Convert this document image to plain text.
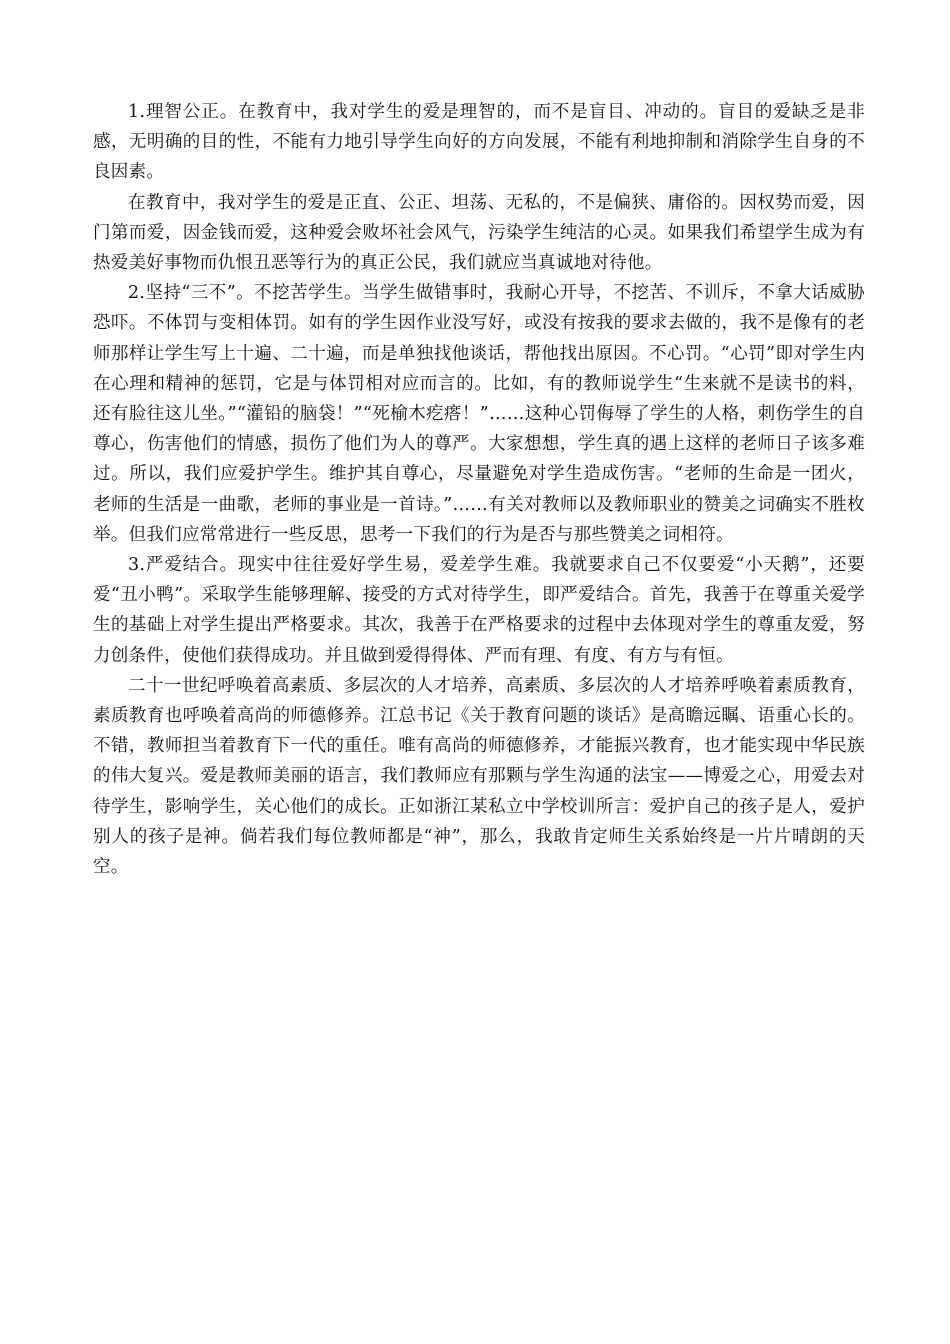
1.理智公正。在教育中，我对学生的爱是理智的，而不是盲目、冲动的。盲目的爱缺乏是非感，无明确的目的性，不能有力地引导学生向好的方向发展，不能有利地抑制和消除学生自身的不良因素。

在教育中，我对学生的爱是正直、公正、坦荡、无私的，不是偏狭、庸俗的。因权势而爱，因门第而爱，因金钱而爱，这种爱会败坏社会风气，污染学生纯洁的心灵。如果我们希望学生成为有热爱美好事物而仇恨丑恶等行为的真正公民，我们就应当真诚地对待他。

2.坚持“三不”。不挖苦学生。当学生做错事时，我耐心开导，不挖苦、不训斥，不拿大话威胁恐吓。不体罚与变相体罚。如有的学生因作业没写好，或没有按我的要求去做的，我不是像有的老师那样让学生写上十遍、二十遍，而是单独找他谈话，帮他找出原因。不心罚。“心罚”即对学生内在心理和精神的惩罚，它是与体罚相对应而言的。比如，有的教师说学生“生来就不是读书的料，还有脸往这儿坐。”“灌铅的脑袋！”“死榆木疙瘩！”……这种心罚侮辱了学生的人格，刺伤学生的自尊心，伤害他们的情感，损伤了他们为人的尊严。大家想想，学生真的遇上这样的老师日子该多难过。所以，我们应爱护学生。维护其自尊心，尽量避免对学生造成伤害。“老师的生命是一团火，老师的生活是一曲歌，老师的事业是一首诗。”……有关对教师以及教师职业的赞美之词确实不胜枚举。但我们应常常进行一些反思，思考一下我们的行为是否与那些赞美之词相符。

3.严爱结合。现实中往往爱好学生易，爱差学生难。我就要求自己不仅要爱“小天鹅”，还要爱“丑小鸭”。采取学生能够理解、接受的方式对待学生，即严爱结合。首先，我善于在尊重关爱学生的基础上对学生提出严格要求。其次，我善于在严格要求的过程中去体现对学生的尊重友爱，努力创条件，使他们获得成功。并且做到爱得得体、严而有理、有度、有方与有恒。

二十一世纪呼唤着高素质、多层次的人才培养，高素质、多层次的人才培养呼唤着素质教育，素质教育也呼唤着高尚的师德修养。江总书记《关于教育问题的谈话》是高瞻远瞩、语重心长的。不错，教师担当着教育下一代的重任。唯有高尚的师德修养，才能振兴教育，也才能实现中华民族的伟大复兴。爱是教师美丽的语言，我们教师应有那颗与学生沟通的法宝——博爱之心，用爱去对待学生，影响学生，关心他们的成长。正如浙江某私立中学校训所言：爱护自己的孩子是人，爱护别人的孩子是神。倘若我们每位教师都是“神”，那么，我敢肯定师生关系始终是一片片晴朗的天空。
